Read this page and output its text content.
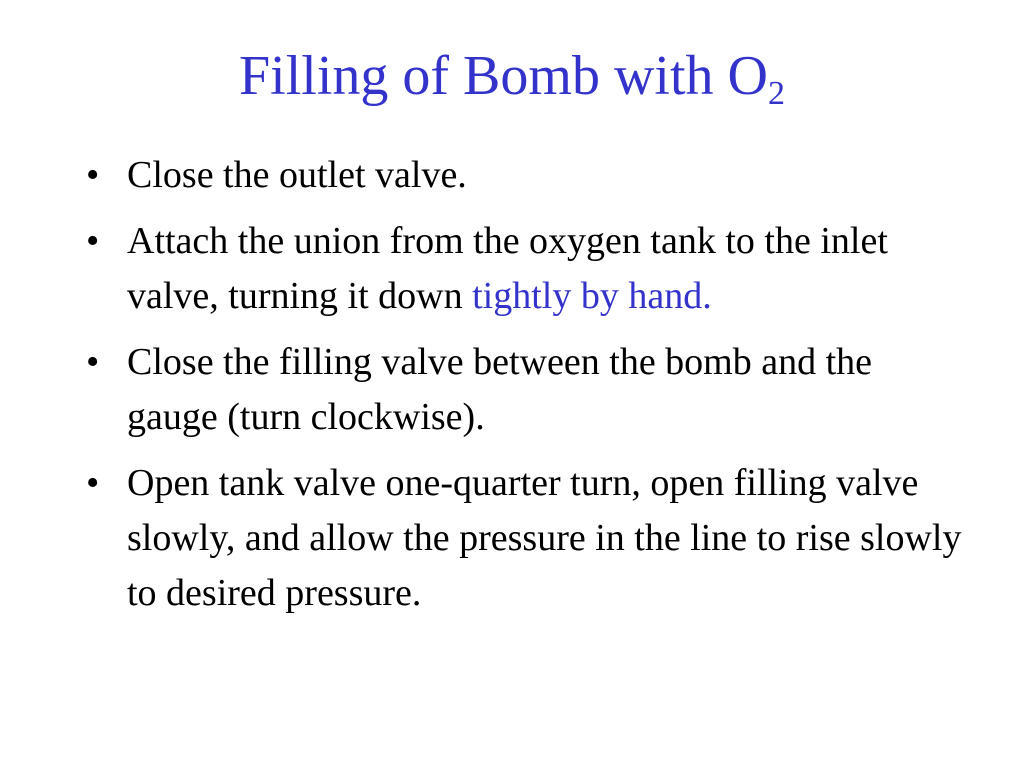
Filling of Bomb with $O_2$
• Close the outlet valve.
• Attach the union from the oxygen tank to the inlet valve, turning it down tightly by hand.
• Close the filling valve between the bomb and the gauge (turn clockwise).
• Open tank valve one-quarter turn, open filling valve slowly, and allow the pressure in the line to rise slowly to desired pressure.
